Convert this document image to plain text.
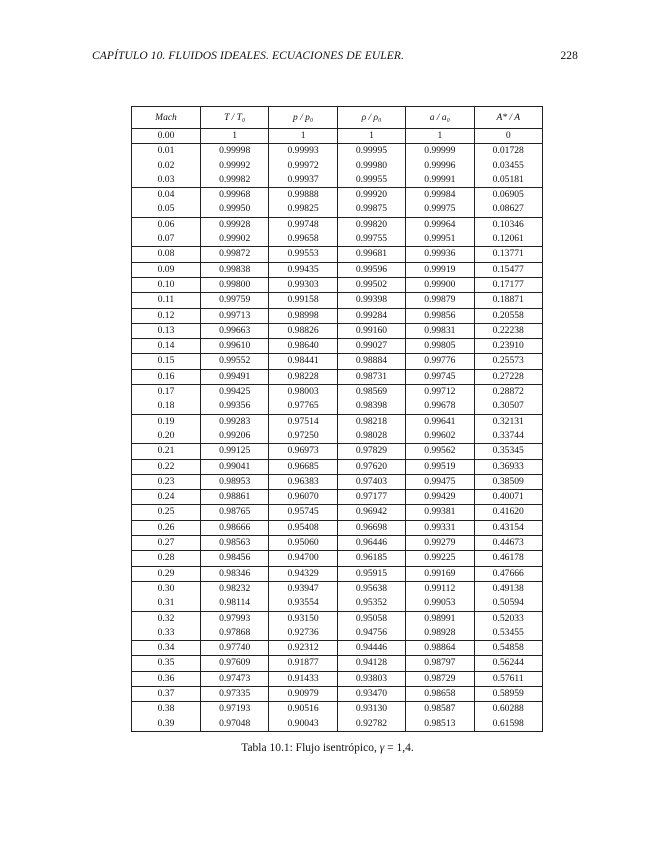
CAPÍTULO 10. FLUIDOS IDEALES. ECUACIONES DE EULER.	228
Mach	T / T₀	p / p₀	ρ / ρ₀	a / a₀	A* / A
0.00	1	1	1	1	0
0.01	0.99998	0.99993	0.99995	0.99999	0.01728
0.02	0.99992	0.99972	0.99980	0.99996	0.03455
0.03	0.99982	0.99937	0.99955	0.99991	0.05181
0.04	0.99968	0.99888	0.99920	0.99984	0.06905
0.05	0.99950	0.99825	0.99875	0.99975	0.08627
0.06	0.99928	0.99748	0.99820	0.99964	0.10346
0.07	0.99902	0.99658	0.99755	0.99951	0.12061
0.08	0.99872	0.99553	0.99681	0.99936	0.13771
0.09	0.99838	0.99435	0.99596	0.99919	0.15477
0.10	0.99800	0.99303	0.99502	0.99900	0.17177
0.11	0.99759	0.99158	0.99398	0.99879	0.18871
0.12	0.99713	0.98998	0.99284	0.99856	0.20558
0.13	0.99663	0.98826	0.99160	0.99831	0.22238
0.14	0.99610	0.98640	0.99027	0.99805	0.23910
0.15	0.99552	0.98441	0.98884	0.99776	0.25573
0.16	0.99491	0.98228	0.98731	0.99745	0.27228
0.17	0.99425	0.98003	0.98569	0.99712	0.28872
0.18	0.99356	0.97765	0.98398	0.99678	0.30507
0.19	0.99283	0.97514	0.98218	0.99641	0.32131
0.20	0.99206	0.97250	0.98028	0.99602	0.33744
0.21	0.99125	0.96973	0.97829	0.99562	0.35345
0.22	0.99041	0.96685	0.97620	0.99519	0.36933
0.23	0.98953	0.96383	0.97403	0.99475	0.38509
0.24	0.98861	0.96070	0.97177	0.99429	0.40071
0.25	0.98765	0.95745	0.96942	0.99381	0.41620
0.26	0.98666	0.95408	0.96698	0.99331	0.43154
0.27	0.98563	0.95060	0.96446	0.99279	0.44673
0.28	0.98456	0.94700	0.96185	0.99225	0.46178
0.29	0.98346	0.94329	0.95915	0.99169	0.47666
0.30	0.98232	0.93947	0.95638	0.99112	0.49138
0.31	0.98114	0.93554	0.95352	0.99053	0.50594
0.32	0.97993	0.93150	0.95058	0.98991	0.52033
0.33	0.97868	0.92736	0.94756	0.98928	0.53455
0.34	0.97740	0.92312	0.94446	0.98864	0.54858
0.35	0.97609	0.91877	0.94128	0.98797	0.56244
0.36	0.97473	0.91433	0.93803	0.98729	0.57611
0.37	0.97335	0.90979	0.93470	0.98658	0.58959
0.38	0.97193	0.90516	0.93130	0.98587	0.60288
0.39	0.97048	0.90043	0.92782	0.98513	0.61598
Tabla 10.1: Flujo isentrópico, γ = 1,4.
